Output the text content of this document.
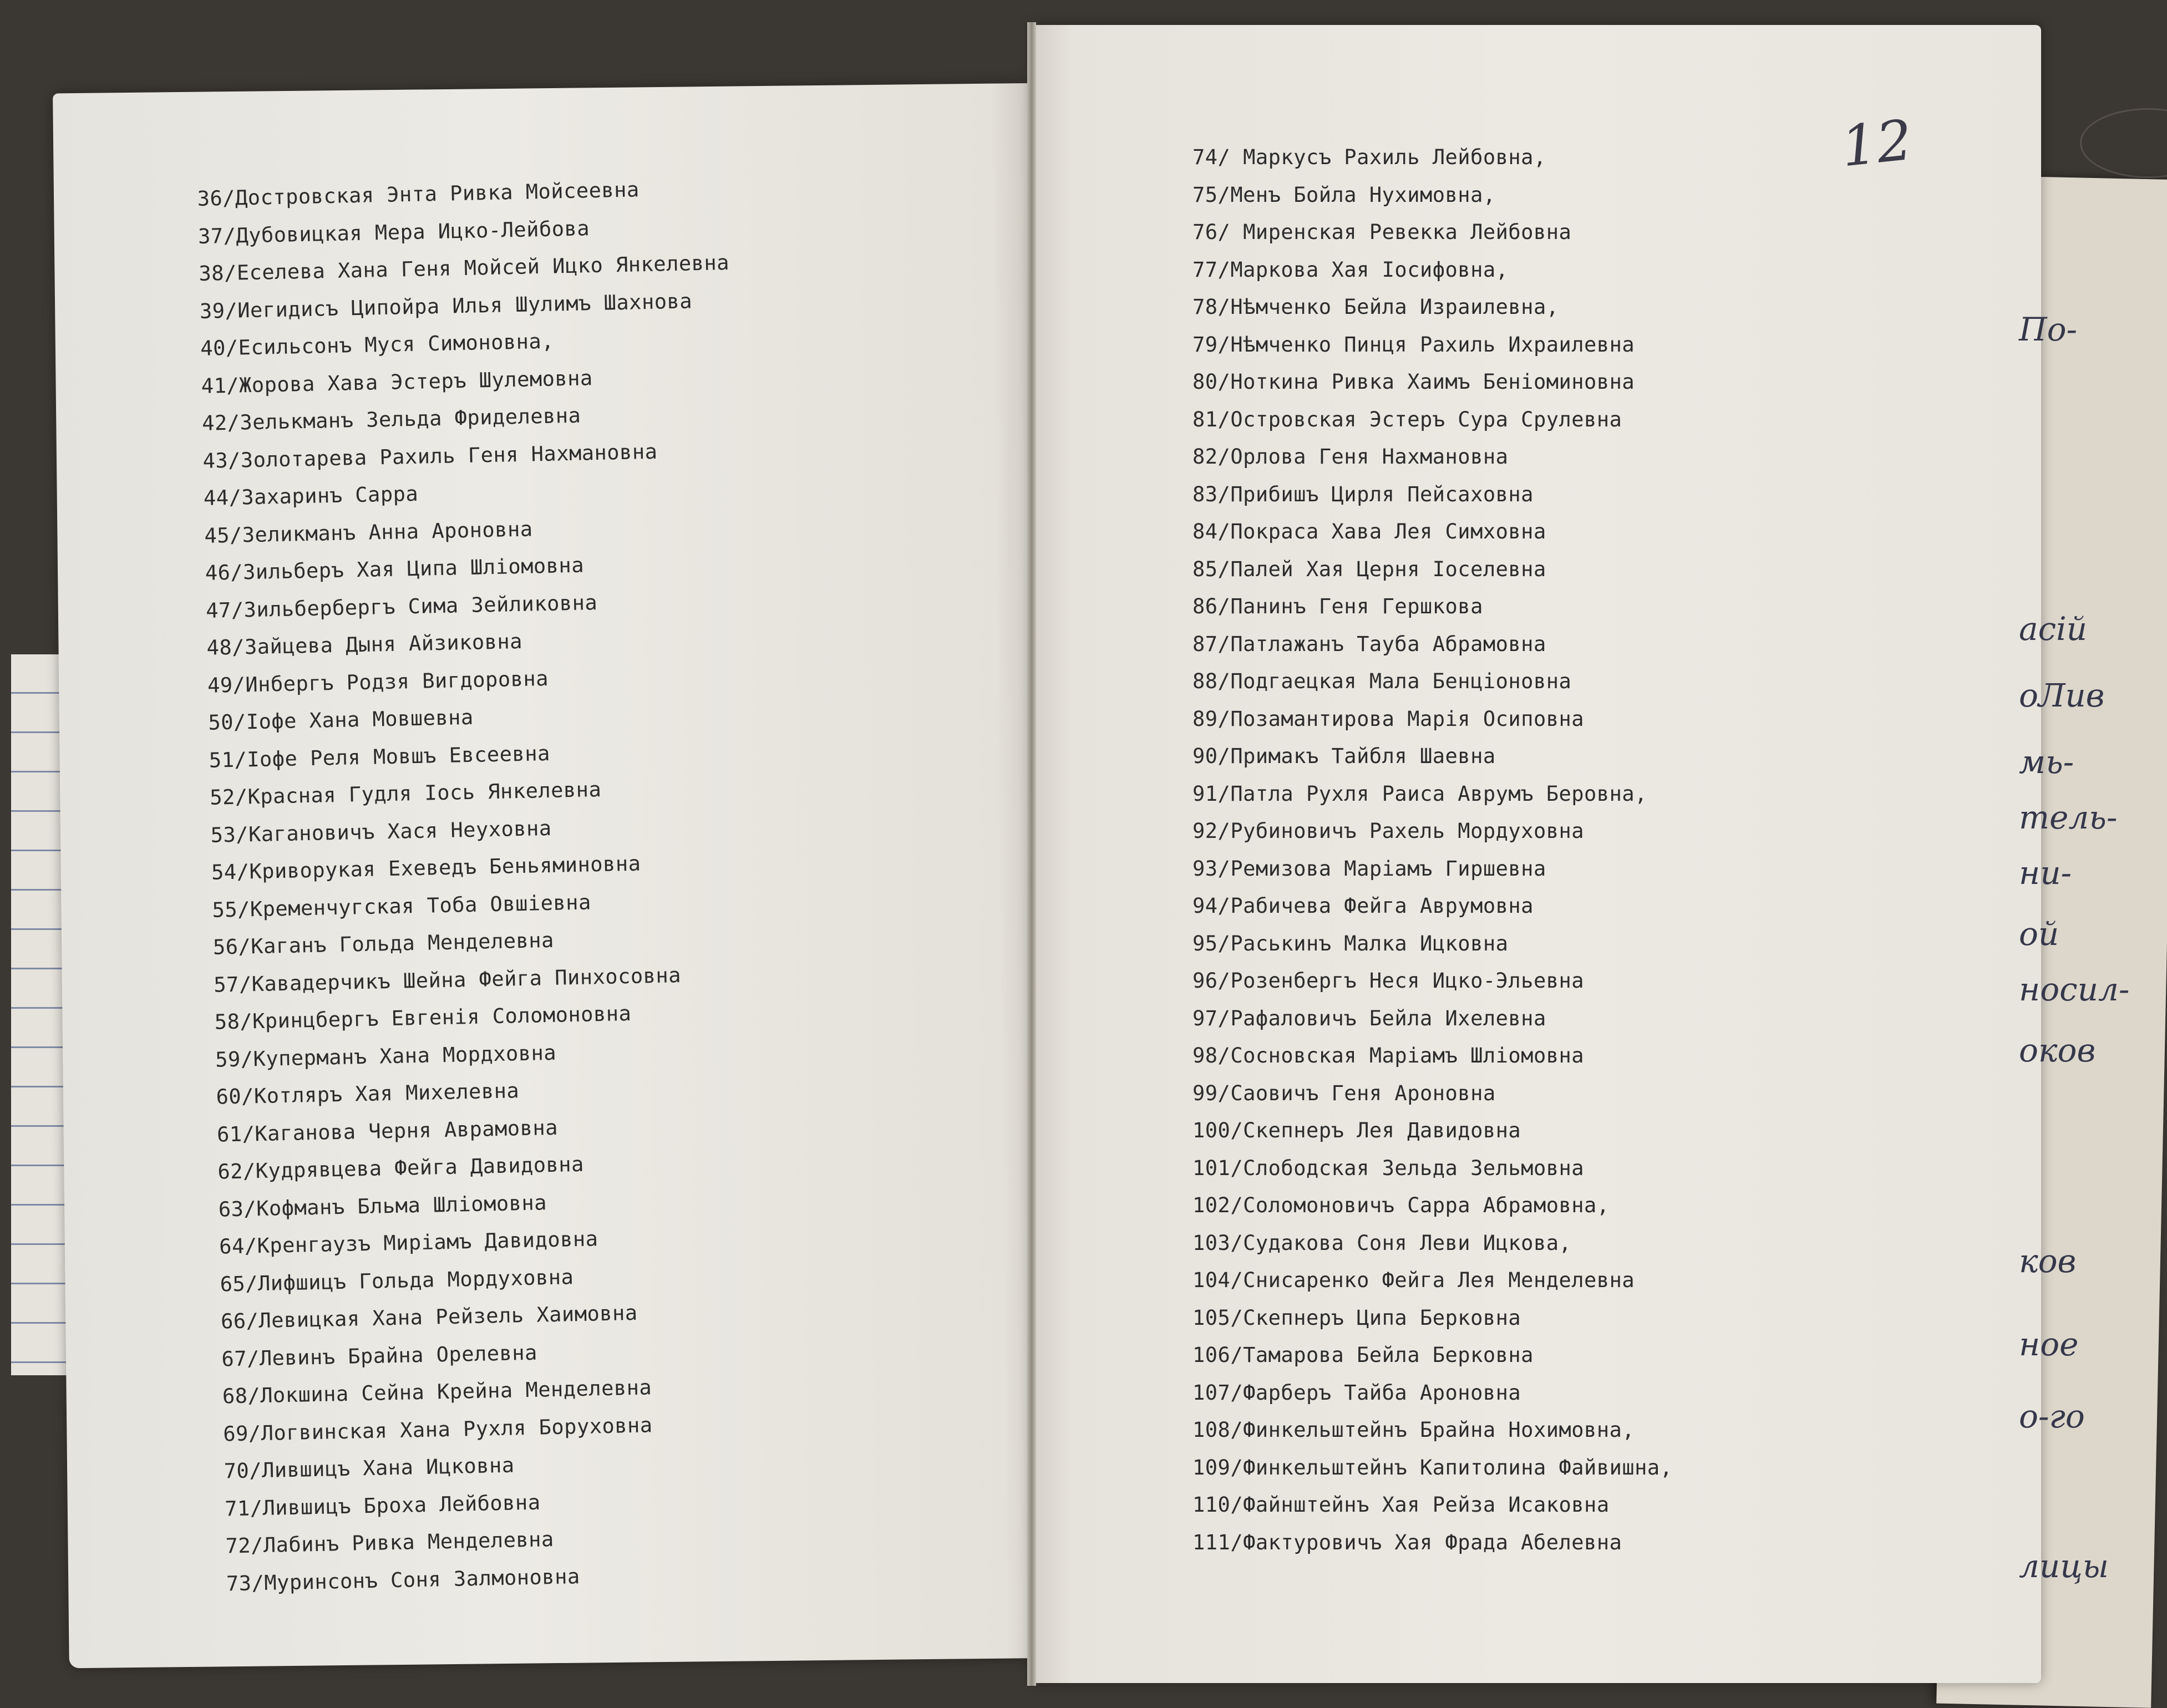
36/Достровская Энта Ривка Мойсеевна
37/Дубовицкая Мера Ицко-Лейбова
38/Еселева Хана Геня Мойсей Ицко Янкелевна
39/Иегидисъ Ципойра Илья Шулимъ Шахнова
40/Есильсонъ Муся Симоновна,
41/Жорова Хава Эстеръ Шулемовна
42/Зелькманъ Зельда Фриделевна
43/Золотарева Рахиль Геня Нахмановна
44/Захаринъ Сарра
45/Зеликманъ Анна Ароновна
46/Зильберъ Хая Ципа Шліомовна
47/Зильбербергъ Сима Зейликовна
48/Зайцева Дыня Айзиковна
49/Инбергъ Родзя Вигдоровна
50/Іофе Хана Мовшевна
51/Іофе Реля Мовшъ Евсеевна
52/Красная Гудля Іось Янкелевна
53/Кагановичъ Хася Неуховна
54/Криворукая Ехеведъ Беньяминовна
55/Кременчугская Тоба Овшіевна
56/Каганъ Гольда Менделевна
57/Кавадерчикъ Шейна Фейга Пинхосовна
58/Кринцбергъ Евгенія Соломоновна
59/Куперманъ Хана Мордховна
60/Котляръ Хая Михелевна
61/Каганова Черня Аврамовна
62/Кудрявцева Фейга Давидовна
63/Кофманъ Бльма Шліомовна
64/Кренгаузъ Миріамъ Давидовна
65/Лифшицъ Гольда Мордуховна
66/Левицкая Хана Рейзель Хаимовна
67/Левинъ Брайна Орелевна
68/Локшина Сейна Крейна Менделевна
69/Логвинская Хана Рухля Боруховна
70/Лившицъ Хана Ицковна
71/Лившицъ Броха Лейбовна
72/Лабинъ Ривка Менделевна
73/Муринсонъ Соня Залмоновна
74/ Маркусъ Рахиль Лейбовна,
75/Менъ Бойла Нухимовна,
76/ Миренская Ревекка Лейбовна
77/Маркова Хая Іосифовна,
78/Нѣмченко Бейла Израилевна,
79/Нѣмченко Пинця Рахиль Ихраилевна
80/Ноткина Ривка Хаимъ Беніоминовна
81/Островская Эстеръ Сура Срулевна
82/Орлова Геня Нахмановна
83/Прибишъ Цирля Пейсаховна
84/Покраса Хава Лея Симховна
85/Палей Хая Церня Іоселевна
86/Панинъ Геня Гершкова
87/Патлажанъ Тауба Абрамовна
88/Подгаецкая Мала Бенціоновна
89/Позамантирова Марія Осиповна
90/Примакъ Тайбля Шаевна
91/Патла Рухля Раиса Аврумъ Беровна,
92/Рубиновичъ Рахель Мордуховна
93/Ремизова Маріамъ Гиршевна
94/Рабичева Фейга Аврумовна
95/Раськинъ Малка Ицковна
96/Розенбергъ Неся Ицко-Эльевна
97/Рафаловичъ Бейла Ихелевна
98/Сосновская Маріамъ Шліомовна
99/Саовичъ Геня Ароновна
100/Скепнеръ Лея Давидовна
101/Слободская Зельда Зельмовна
102/Соломоновичъ Сарра Абрамовна,
103/Судакова Соня Леви Ицкова,
104/Снисаренко Фейга Лея Менделевна
105/Скепнеръ Ципа Берковна
106/Тамарова Бейла Берковна
107/Фарберъ Тайба Ароновна
108/Финкельштейнъ Брайна Нохимовна,
109/Финкельштейнъ Капитолина Файвишна,
110/Файнштейнъ Хая Рейза Исаковна
111/Фактуровичъ Хая Фрада Абелевна
12
По-
асій
оЛив
мь-
тель-
ни-
ой
носил-
оков
ков
ное
о-го
лицы
